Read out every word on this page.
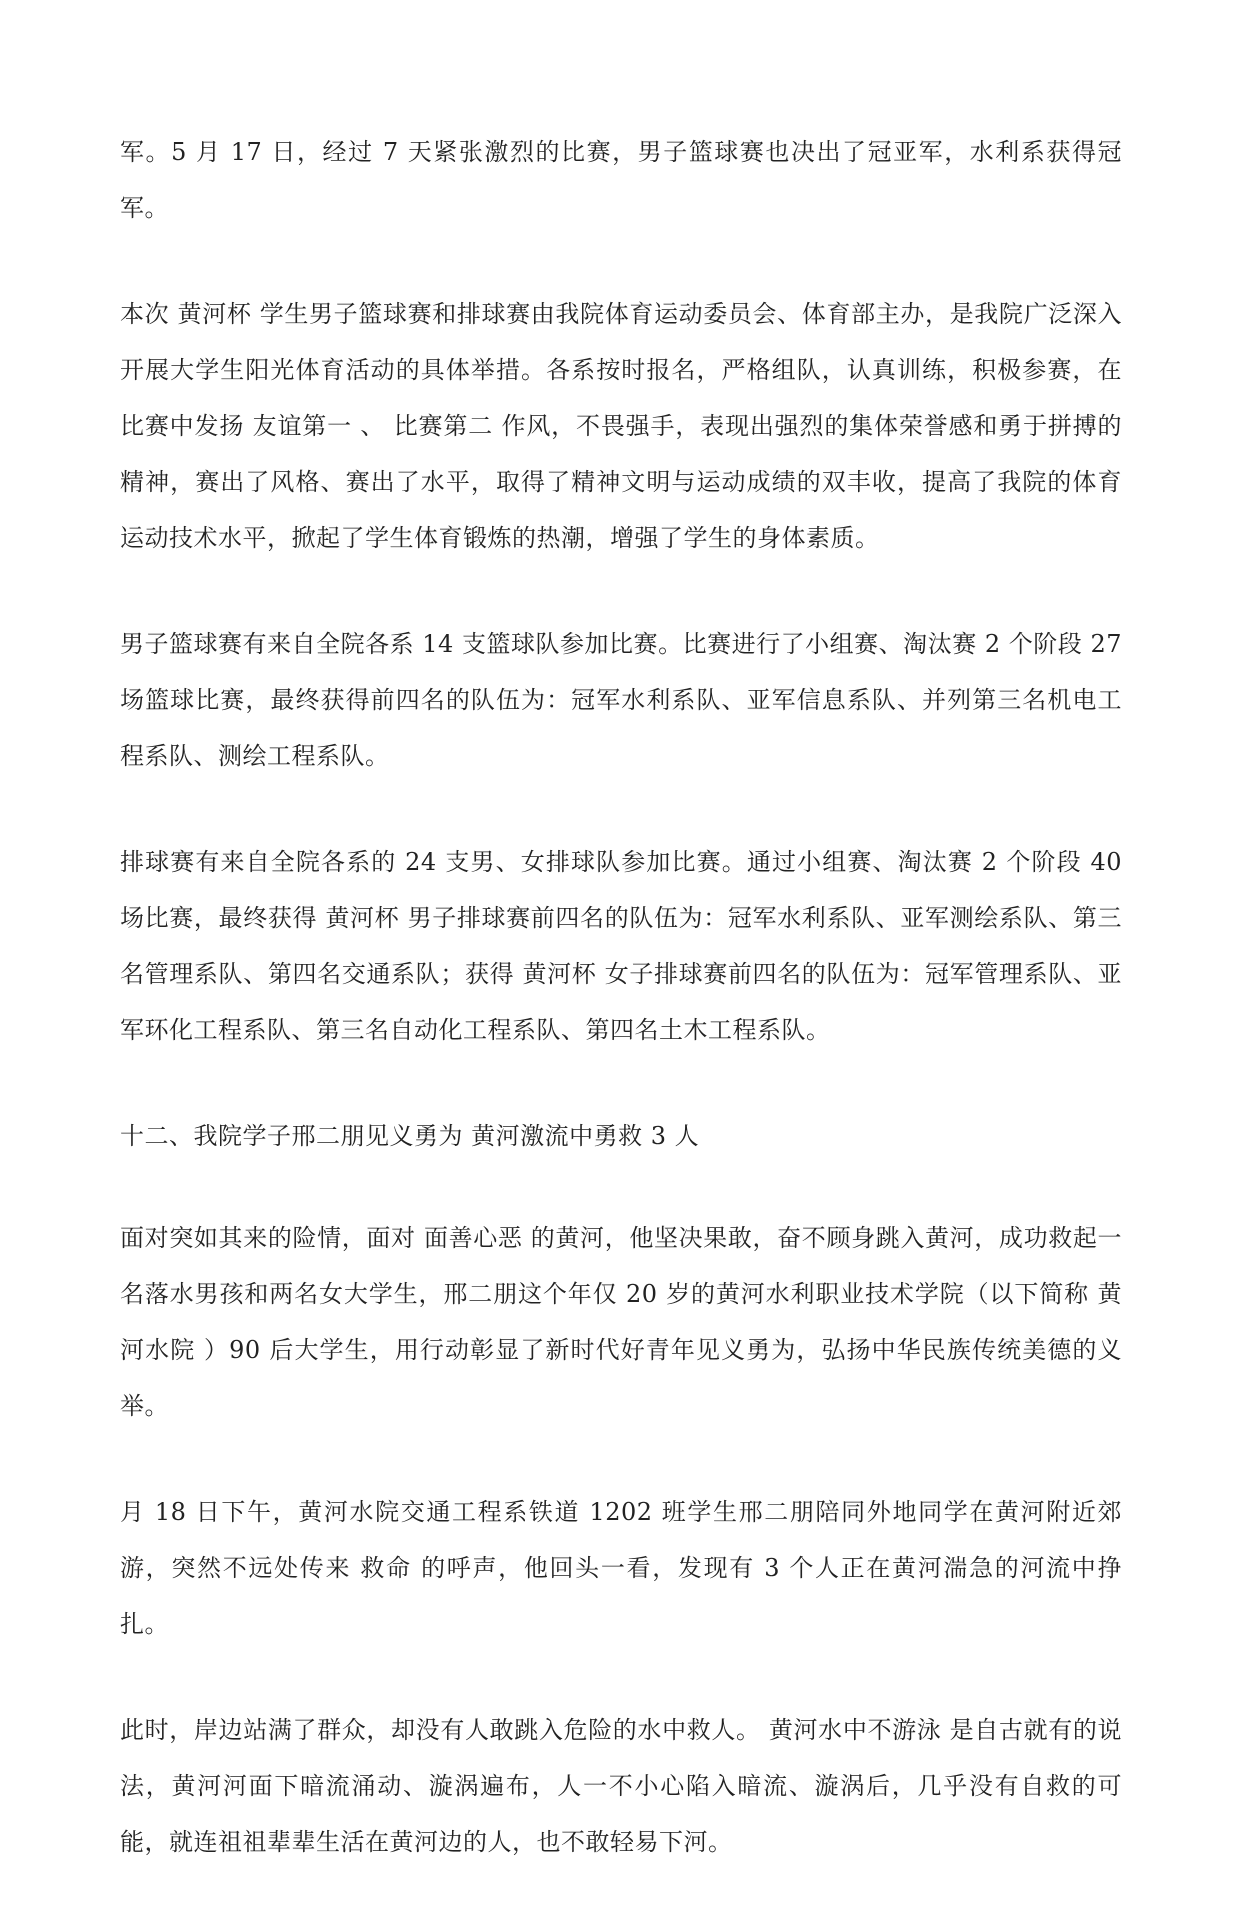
军。5 月 17 日，经过 7 天紧张激烈的比赛，男子篮球赛也决出了冠亚军，水利系获得冠军。

本次 黄河杯 学生男子篮球赛和排球赛由我院体育运动委员会、体育部主办，是我院广泛深入开展大学生阳光体育活动的具体举措。各系按时报名，严格组队，认真训练，积极参赛，在比赛中发扬 友谊第一 、 比赛第二 作风，不畏强手，表现出强烈的集体荣誉感和勇于拼搏的精神，赛出了风格、赛出了水平，取得了精神文明与运动成绩的双丰收，提高了我院的体育运动技术水平，掀起了学生体育锻炼的热潮，增强了学生的身体素质。

男子篮球赛有来自全院各系 14 支篮球队参加比赛。比赛进行了小组赛、淘汰赛 2 个阶段 27 场篮球比赛，最终获得前四名的队伍为：冠军水利系队、亚军信息系队、并列第三名机电工程系队、测绘工程系队。

排球赛有来自全院各系的 24 支男、女排球队参加比赛。通过小组赛、淘汰赛 2 个阶段 40 场比赛，最终获得 黄河杯 男子排球赛前四名的队伍为：冠军水利系队、亚军测绘系队、第三名管理系队、第四名交通系队；获得 黄河杯 女子排球赛前四名的队伍为：冠军管理系队、亚军环化工程系队、第三名自动化工程系队、第四名土木工程系队。

十二、我院学子邢二朋见义勇为 黄河激流中勇救 3 人

面对突如其来的险情，面对 面善心恶 的黄河，他坚决果敢，奋不顾身跳入黄河，成功救起一名落水男孩和两名女大学生，邢二朋这个年仅 20 岁的黄河水利职业技术学院（以下简称 黄河水院 ）90 后大学生，用行动彰显了新时代好青年见义勇为，弘扬中华民族传统美德的义举。

月 18 日下午，黄河水院交通工程系铁道 1202 班学生邢二朋陪同外地同学在黄河附近郊游，突然不远处传来 救命 的呼声，他回头一看，发现有 3 个人正在黄河湍急的河流中挣扎。

此时，岸边站满了群众，却没有人敢跳入危险的水中救人。 黄河水中不游泳 是自古就有的说法，黄河河面下暗流涌动、漩涡遍布，人一不小心陷入暗流、漩涡后，几乎没有自救的可能，就连祖祖辈辈生活在黄河边的人，也不敢轻易下河。
